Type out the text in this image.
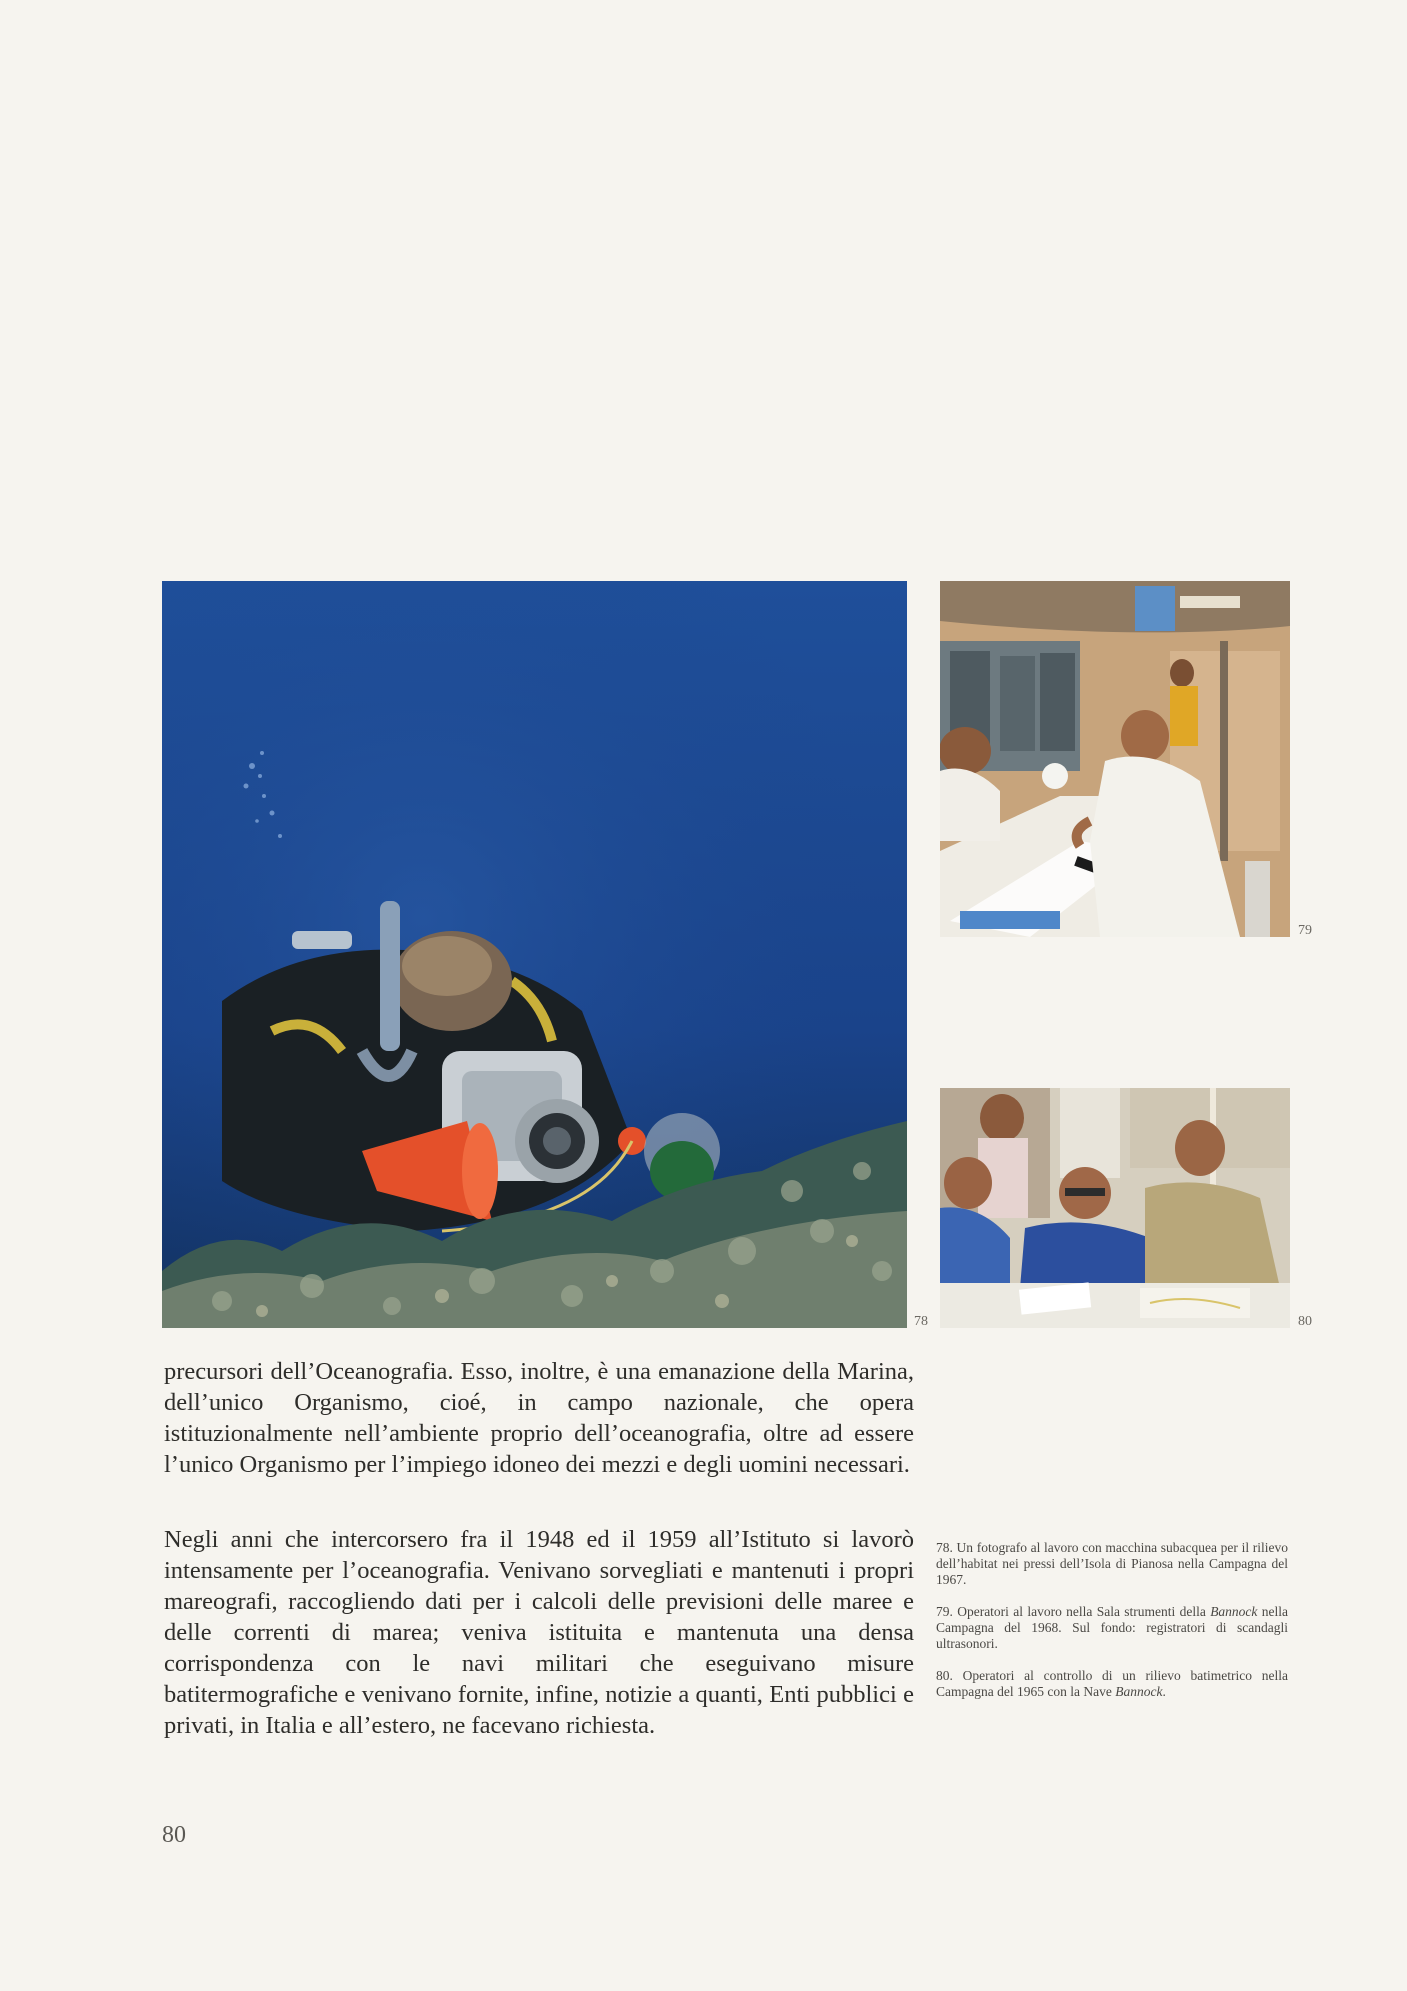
78
79
80

precursori dell’Oceanografia. Esso, inoltre, è una emanazione della Marina, dell’unico Organismo, cioé, in campo nazionale, che opera istituzionalmente nell’ambiente proprio dell’oceanografia, oltre ad essere l’unico Organismo per l’impiego idoneo dei mezzi e degli uomini necessari.

Negli anni che intercorsero fra il 1948 ed il 1959 all’Istituto si lavorò intensamente per l’oceanografia. Venivano sorvegliati e mantenuti i propri mareografi, raccogliendo dati per i calcoli delle previsioni delle maree e delle correnti di marea; veniva istituita e mantenuta una densa corrispondenza con le navi militari che eseguivano misure batitermografiche e venivano fornite, infine, notizie a quanti, Enti pubblici e privati, in Italia e all’estero, ne facevano richiesta.

78. Un fotografo al lavoro con macchina subacquea per il rilievo dell’habitat nei pressi dell’Isola di Pianosa nella Campagna del 1967.

79. Operatori al lavoro nella Sala strumenti della Bannock nella Campagna del 1968. Sul fondo: registratori di scandagli ultrasonori.

80. Operatori al controllo di un rilievo batimetrico nella Campagna del 1965 con la Nave Bannock.

80
